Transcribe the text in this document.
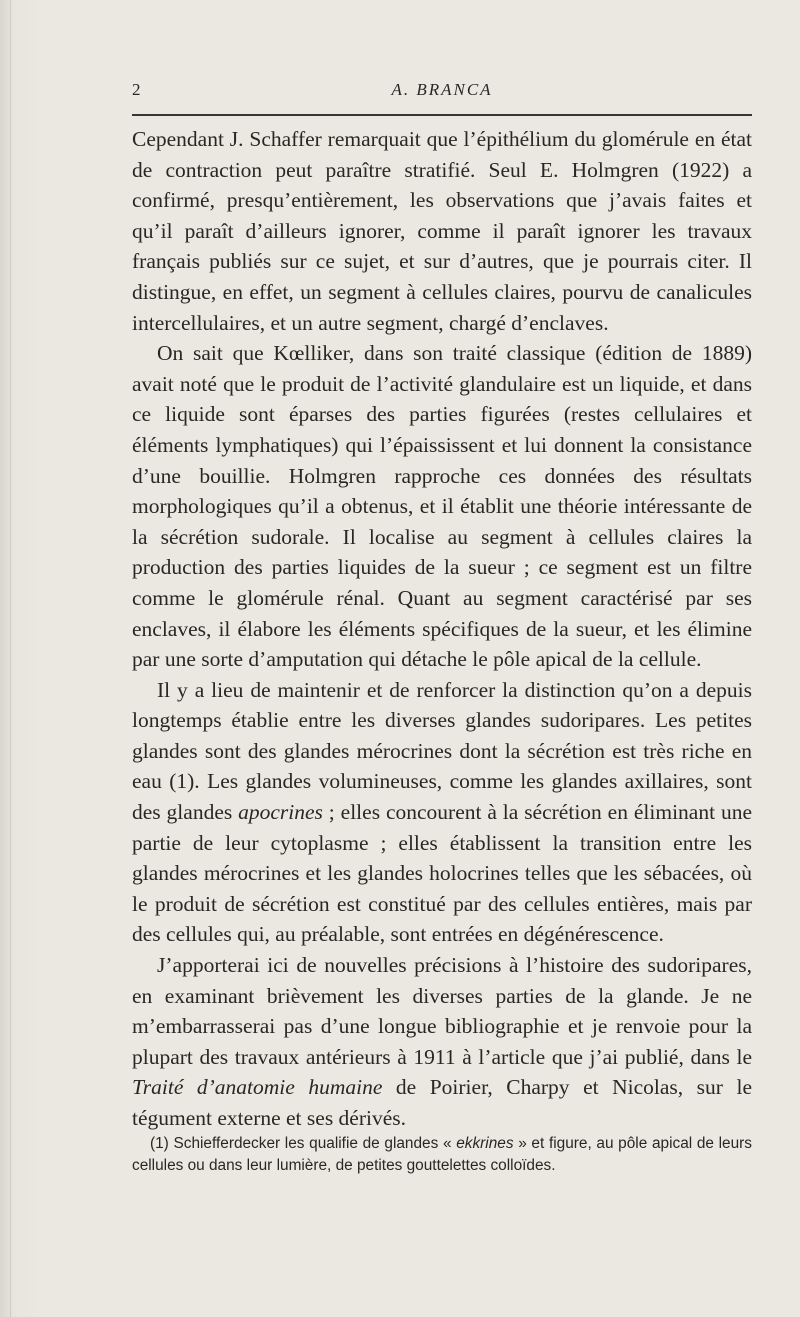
2	A. BRANCA

Cependant J. Schaffer remarquait que l’épithélium du glomérule en état de contraction peut paraître stratifié. Seul E. Holmgren (1922) a confirmé, presqu’entièrement, les observations que j’avais faites et qu’il paraît d’ailleurs ignorer, comme il paraît ignorer les travaux français publiés sur ce sujet, et sur d’autres, que je pourrais citer. Il distingue, en effet, un segment à cellules claires, pourvu de canalicules intercellulaires, et un autre segment, chargé d’enclaves.

On sait que Kœlliker, dans son traité classique (édition de 1889) avait noté que le produit de l’activité glandulaire est un liquide, et dans ce liquide sont éparses des parties figurées (restes cellulaires et éléments lymphatiques) qui l’épaississent et lui donnent la consistance d’une bouillie. Holmgren rapproche ces données des résultats morphologiques qu’il a obtenus, et il établit une théorie intéressante de la sécrétion sudorale. Il localise au segment à cellules claires la production des parties liquides de la sueur ; ce segment est un filtre comme le glomérule rénal. Quant au segment caractérisé par ses enclaves, il élabore les éléments spécifiques de la sueur, et les élimine par une sorte d’amputation qui détache le pôle apical de la cellule.

Il y a lieu de maintenir et de renforcer la distinction qu’on a depuis longtemps établie entre les diverses glandes sudoripares. Les petites glandes sont des glandes mérocrines dont la sécrétion est très riche en eau (1). Les glandes volumineuses, comme les glandes axillaires, sont des glandes apocrines ; elles concourent à la sécrétion en éliminant une partie de leur cytoplasme ; elles établissent la transition entre les glandes mérocrines et les glandes holocrines telles que les sébacées, où le produit de sécrétion est constitué par des cellules entières, mais par des cellules qui, au préalable, sont entrées en dégénérescence.

J’apporterai ici de nouvelles précisions à l’histoire des sudoripares, en examinant brièvement les diverses parties de la glande. Je ne m’embarrasserai pas d’une longue bibliographie et je renvoie pour la plupart des travaux antérieurs à 1911 à l’article que j’ai publié, dans le Traité d’anatomie humaine de Poirier, Charpy et Nicolas, sur le tégument externe et ses dérivés.

(1) Schiefferdecker les qualifie de glandes « ekkrines » et figure, au pôle apical de leurs cellules ou dans leur lumière, de petites gouttelettes colloïdes.
